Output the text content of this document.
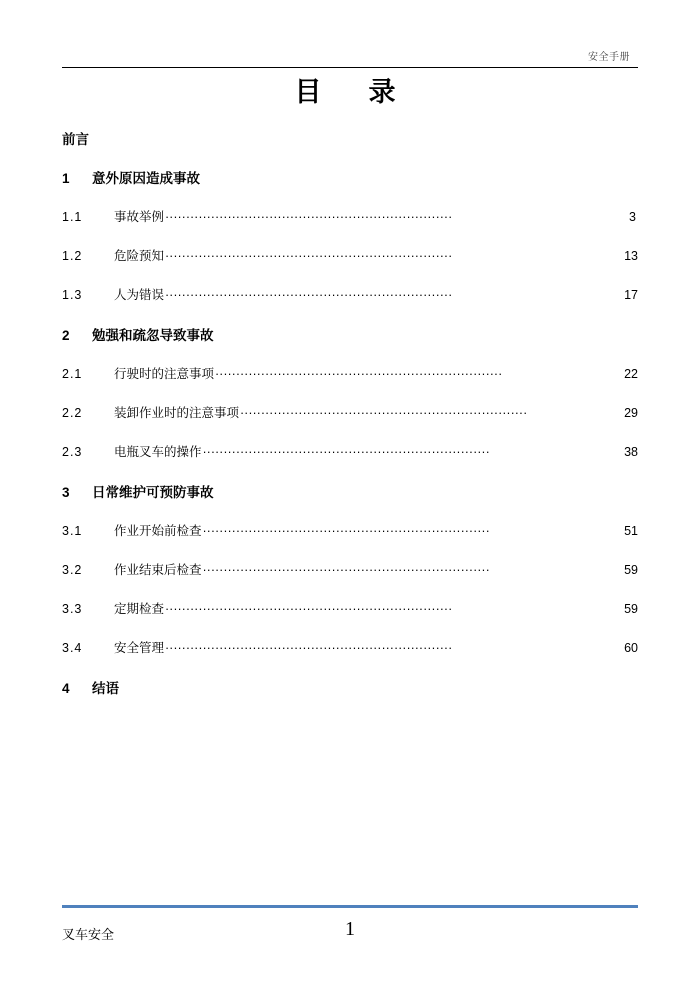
安全手册
目　录
前言
1	意外原因造成事故
1.1	事故举例 ·····································································	3
1.2	危险预知 ·····································································	13
1.3	人为错误 ·····································································	17
2	勉强和疏忽导致事故
2.1	行驶时的注意事项 ·····································································	22
2.2	装卸作业时的注意事项 ·····································································	29
2.3	电瓶叉车的操作 ·····································································	38
3	日常维护可预防事故
3.1	作业开始前检查 ·····································································	51
3.2	作业结束后检查 ·····································································	59
3.3	定期检查 ·····································································	59
3.4	安全管理 ·····································································	60
4	结语
叉车安全	1
